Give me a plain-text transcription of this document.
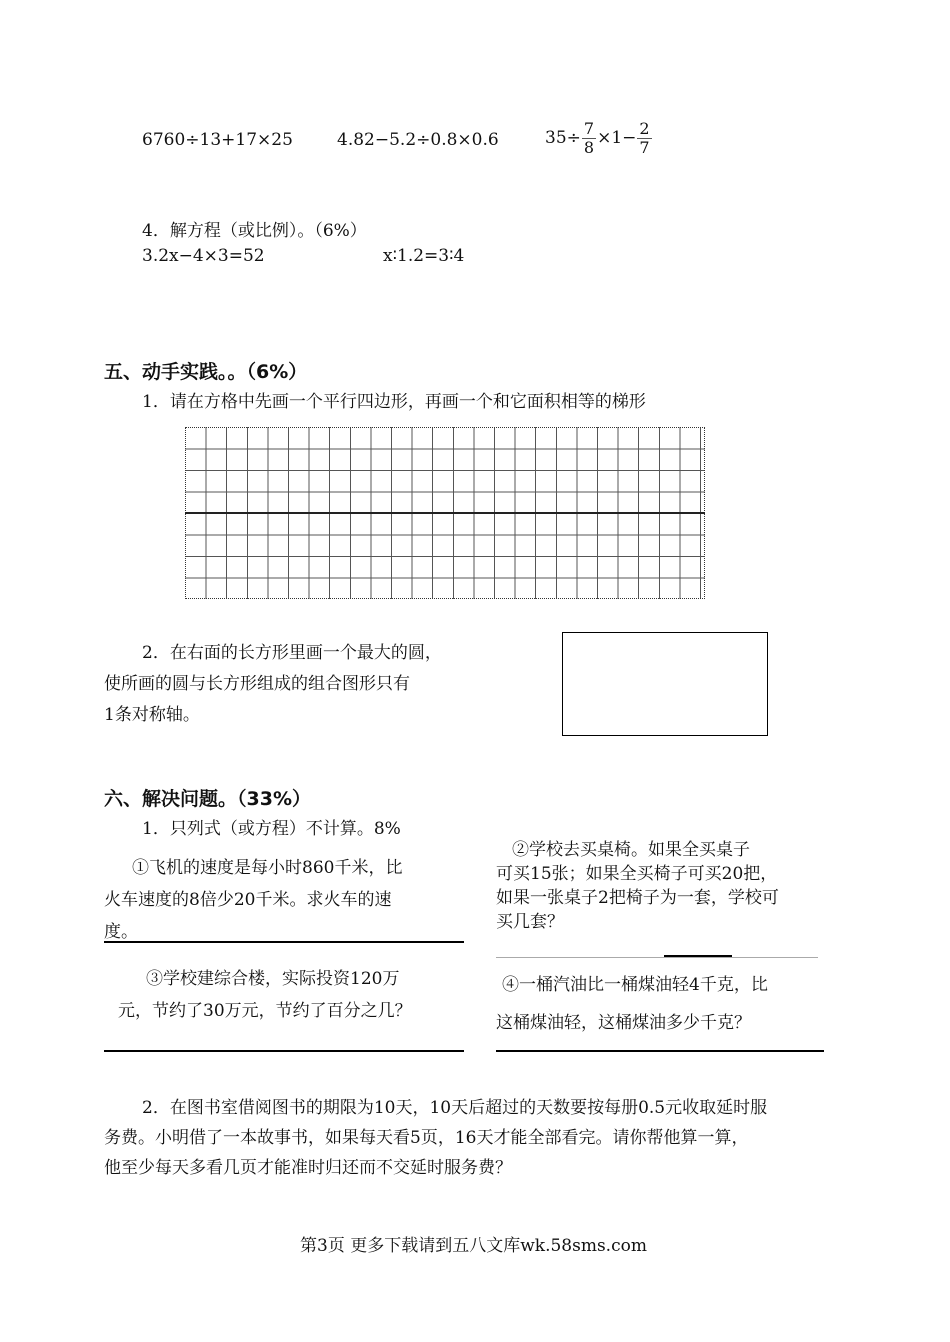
6760÷13+17×25	4.82−5.2÷0.8×0.6	$35\div \frac{7}{8} \times 1- \frac{2}{7}$
4．解方程（或比例）。（6%）
3.2x−4×3=52	x∶1.2=3∶4
五、动手实践。。（6%）
1．请在方格中先画一个平行四边形，再画一个和它面积相等的梯形
2．在右面的长方形里画一个最大的圆，
使所画的圆与长方形组成的组合图形只有
1条对称轴。
六、解决问题。（33%）
1．只列式（或方程）不计算。8%
①飞机的速度是每小时860千米，比
火车速度的8倍少20千米。求火车的速
度。
②学校去买桌椅。如果全买桌子
可买15张；如果全买椅子可买20把，
如果一张桌子2把椅子为一套，学校可
买几套？
③学校建综合楼，实际投资120万
元，节约了30万元，节约了百分之几？
④一桶汽油比一桶煤油轻4千克，比
这桶煤油轻，这桶煤油多少千克？
2．在图书室借阅图书的期限为10天，10天后超过的天数要按每册0.5元收取延时服
务费。小明借了一本故事书，如果每天看5页，16天才能全部看完。请你帮他算一算，
他至少每天多看几页才能准时归还而不交延时服务费？
第3页 更多下载请到五八文库wk.58sms.com
